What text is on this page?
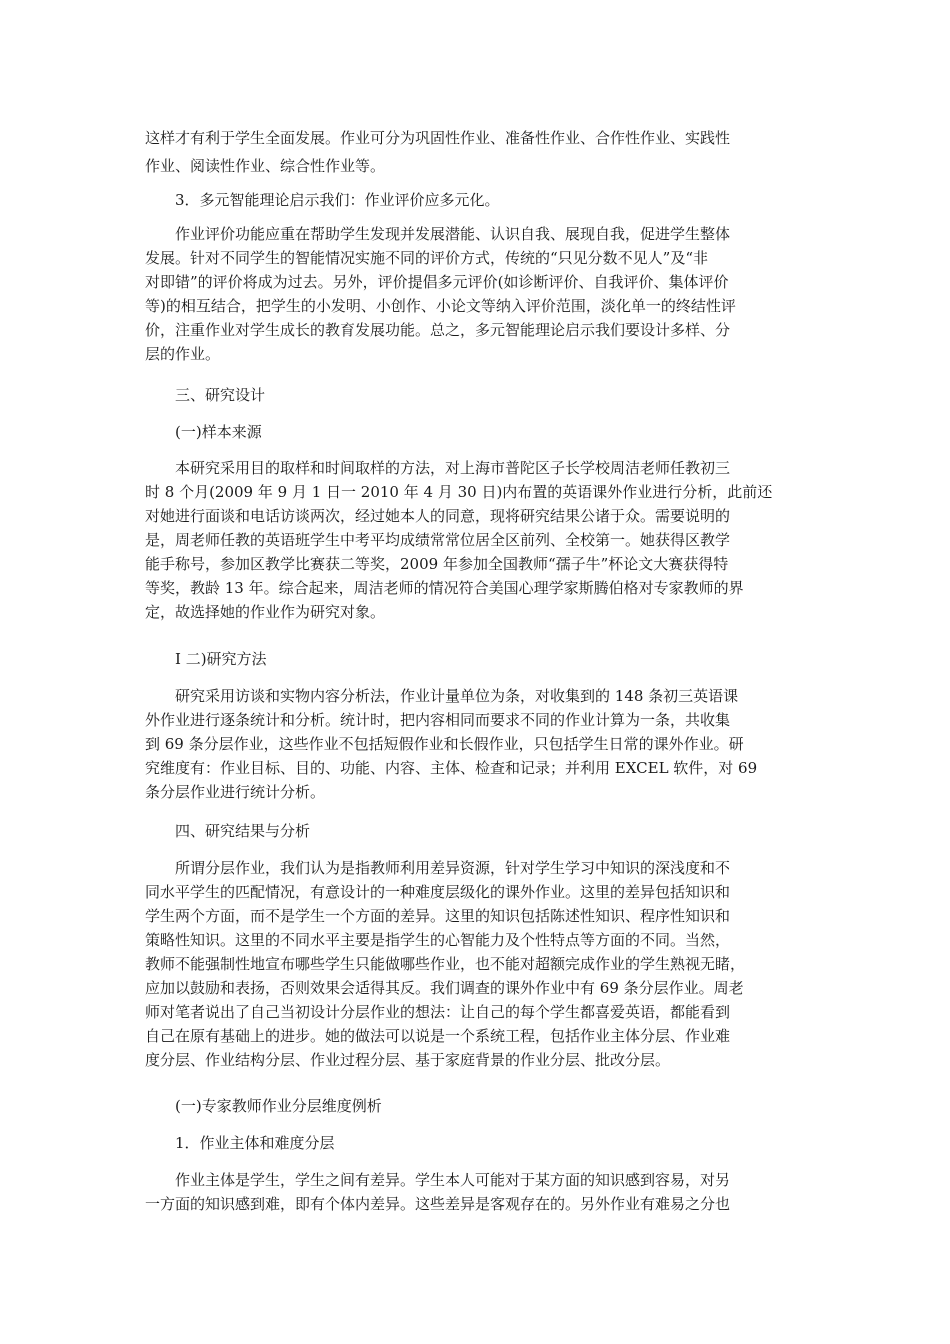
这样才有利于学生全面发展。作业可分为巩固性作业、准备性作业、合作性作业、实践性
作业、阅读性作业、综合性作业等。
3．多元智能理论启示我们：作业评价应多元化。
作业评价功能应重在帮助学生发现并发展潜能、认识自我、展现自我，促进学生整体
发展。针对不同学生的智能情况实施不同的评价方式，传统的“只见分数不见人”及“非
对即错”的评价将成为过去。另外，评价提倡多元评价(如诊断评价、自我评价、集体评价
等)的相互结合，把学生的小发明、小创作、小论文等纳入评价范围，淡化单一的终结性评
价，注重作业对学生成长的教育发展功能。总之，多元智能理论启示我们要设计多样、分
层的作业。
三、研究设计
(一)样本来源
本研究采用目的取样和时间取样的方法，对上海市普陀区子长学校周洁老师任教初三
时 8 个月(2009 年 9 月 1 日一 2010 年 4 月 30 日)内布置的英语课外作业进行分析，此前还
对她进行面谈和电话访谈两次，经过她本人的同意，现将研究结果公诸于众。需要说明的
是，周老师任教的英语班学生中考平均成绩常常位居全区前列、全校第一。她获得区教学
能手称号，参加区教学比赛获二等奖，2009 年参加全国教师“孺子牛”杯论文大赛获得特
等奖，教龄 13 年。综合起来，周洁老师的情况符合美国心理学家斯腾伯格对专家教师的界
定，故选择她的作业作为研究对象。
I 二)研究方法
研究采用访谈和实物内容分析法，作业计量单位为条，对收集到的 148 条初三英语课
外作业进行逐条统计和分析。统计时，把内容相同而要求不同的作业计算为一条，共收集
到 69 条分层作业，这些作业不包括短假作业和长假作业，只包括学生日常的课外作业。研
究维度有：作业目标、目的、功能、内容、主体、检查和记录；并利用 EXCEL 软件，对 69
条分层作业进行统计分析。
四、研究结果与分析
所谓分层作业，我们认为是指教师利用差异资源，针对学生学习中知识的深浅度和不
同水平学生的匹配情况，有意设计的一种难度层级化的课外作业。这里的差异包括知识和
学生两个方面，而不是学生一个方面的差异。这里的知识包括陈述性知识、程序性知识和
策略性知识。这里的不同水平主要是指学生的心智能力及个性特点等方面的不同。当然，
教师不能强制性地宣布哪些学生只能做哪些作业，也不能对超额完成作业的学生熟视无睹，
应加以鼓励和表扬，否则效果会适得其反。我们调查的课外作业中有 69 条分层作业。周老
师对笔者说出了自己当初设计分层作业的想法：让自己的每个学生都喜爱英语，都能看到
自己在原有基础上的进步。她的做法可以说是一个系统工程，包括作业主体分层、作业难
度分层、作业结构分层、作业过程分层、基于家庭背景的作业分层、批改分层。
(一)专家教师作业分层维度例析
1．作业主体和难度分层
作业主体是学生，学生之间有差异。学生本人可能对于某方面的知识感到容易，对另
一方面的知识感到难，即有个体内差异。这些差异是客观存在的。另外作业有难易之分也
